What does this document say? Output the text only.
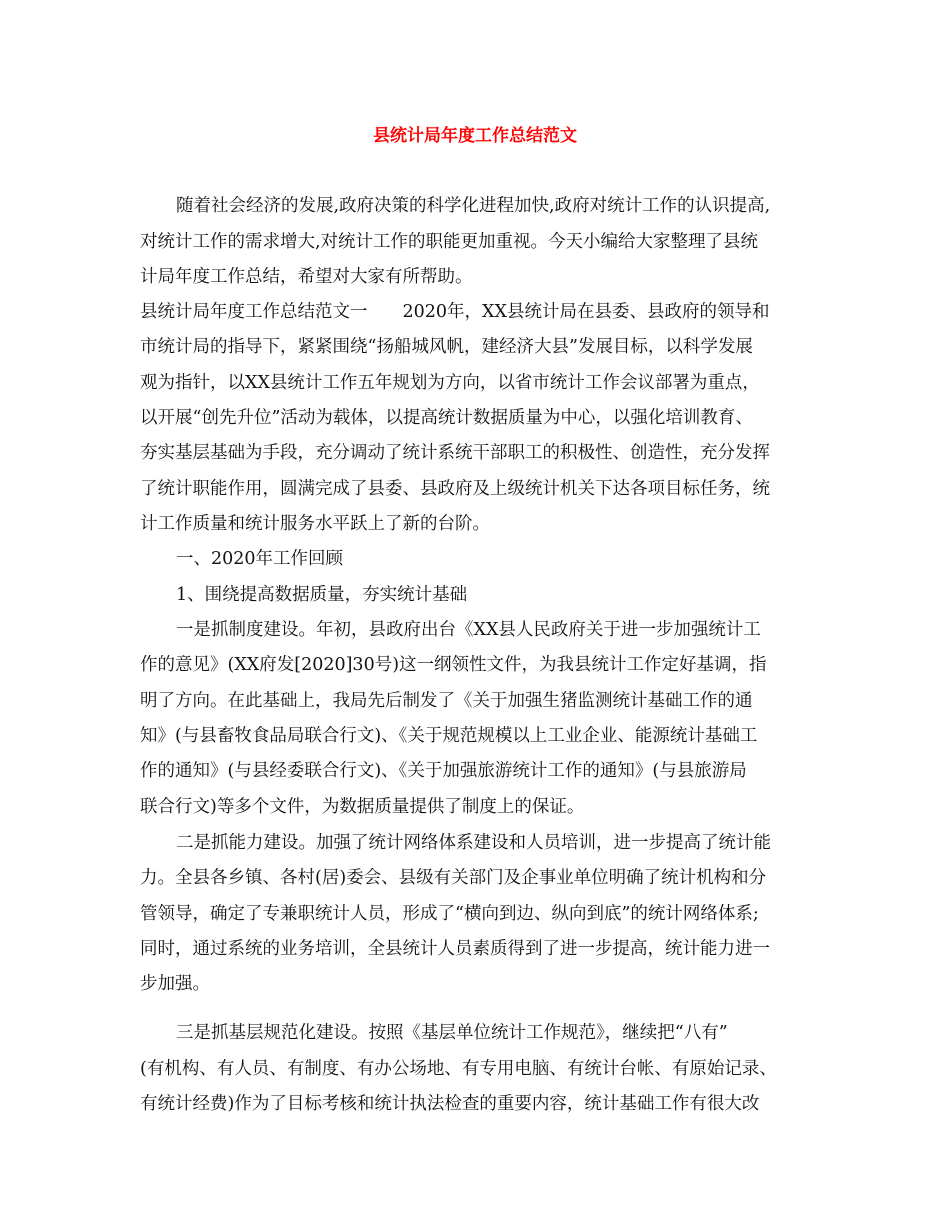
县统计局年度工作总结范文

随着社会经济的发展,政府决策的科学化进程加快,政府对统计工作的认识提高,

对统计工作的需求增大,对统计工作的职能更加重视。今天小编给大家整理了县统

计局年度工作总结，希望对大家有所帮助。

县统计局年度工作总结范文一　　2020年，XX县统计局在县委、县政府的领导和

市统计局的指导下，紧紧围绕“扬船城风帆，建经济大县”发展目标，以科学发展

观为指针，以XX县统计工作五年规划为方向，以省市统计工作会议部署为重点，

以开展“创先升位”活动为载体，以提高统计数据质量为中心，以强化培训教育、

夯实基层基础为手段，充分调动了统计系统干部职工的积极性、创造性，充分发挥

了统计职能作用，圆满完成了县委、县政府及上级统计机关下达各项目标任务，统

计工作质量和统计服务水平跃上了新的台阶。

一、2020年工作回顾

1、围绕提高数据质量，夯实统计基础

一是抓制度建设。年初，县政府出台《XX县人民政府关于进一步加强统计工

作的意见》(XX府发[2020]30号)这一纲领性文件，为我县统计工作定好基调，指

明了方向。在此基础上，我局先后制发了《关于加强生猪监测统计基础工作的通

知》(与县畜牧食品局联合行文)、《关于规范规模以上工业企业、能源统计基础工

作的通知》(与县经委联合行文)、《关于加强旅游统计工作的通知》(与县旅游局

联合行文)等多个文件，为数据质量提供了制度上的保证。

二是抓能力建设。加强了统计网络体系建设和人员培训，进一步提高了统计能

力。全县各乡镇、各村(居)委会、县级有关部门及企事业单位明确了统计机构和分

管领导，确定了专兼职统计人员，形成了“横向到边、纵向到底”的统计网络体系;

同时，通过系统的业务培训，全县统计人员素质得到了进一步提高，统计能力进一

步加强。

三是抓基层规范化建设。按照《基层单位统计工作规范》，继续把“八有”

(有机构、有人员、有制度、有办公场地、有专用电脑、有统计台帐、有原始记录、

有统计经费)作为了目标考核和统计执法检查的重要内容，统计基础工作有很大改
